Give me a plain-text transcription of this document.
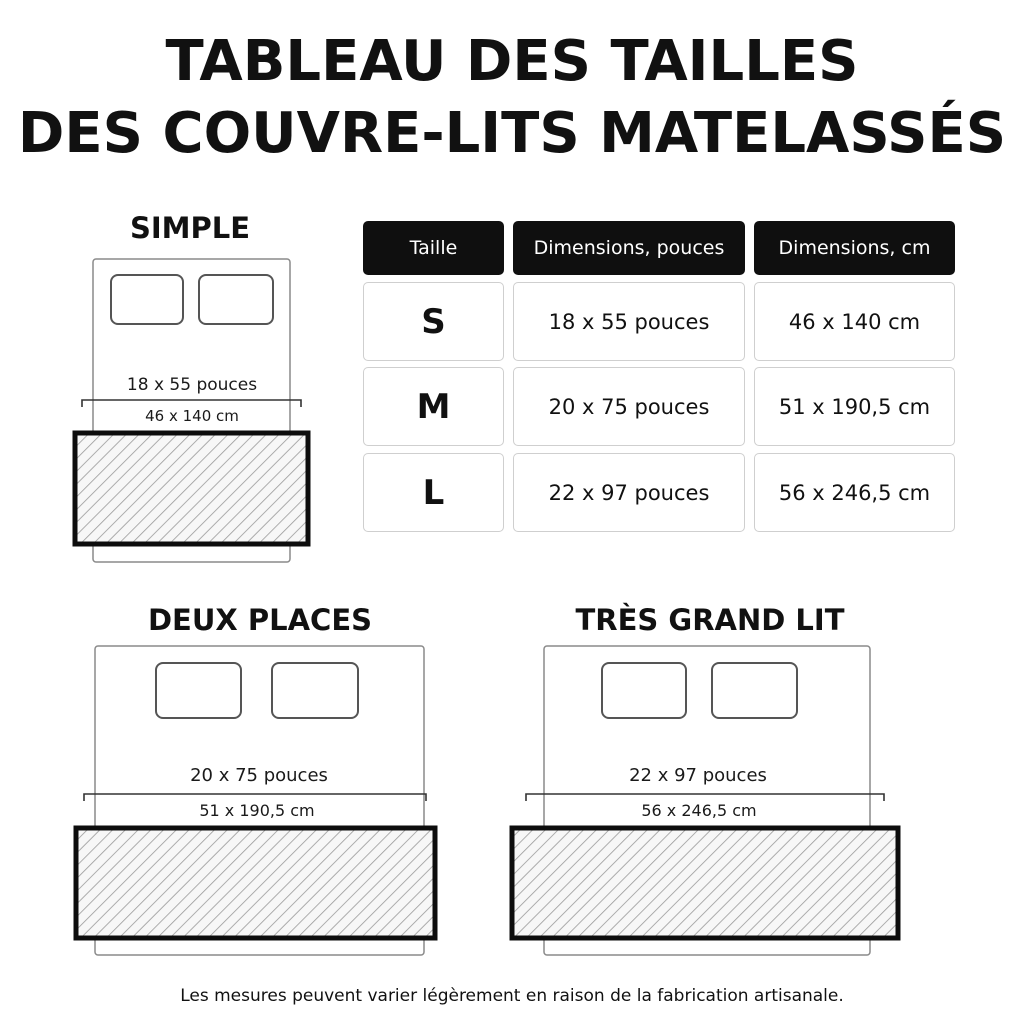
TABLEAU DES TAILLES
DES COUVRE-LITS MATELASSÉS
SIMPLE
DEUX PLACES	TRÈS GRAND LIT
18 x 55 pouces
46 x 140 cm
20 x 75 pouces
51 x 190,5 cm
22 x 97 pouces
56 x 246,5 cm
Taille	Dimensions, pouces	Dimensions, cm
S	18 x 55 pouces	46 x 140 cm
M	20 x 75 pouces	51 x 190,5 cm
L	22 x 97 pouces	56 x 246,5 cm
Les mesures peuvent varier légèrement en raison de la fabrication artisanale.
